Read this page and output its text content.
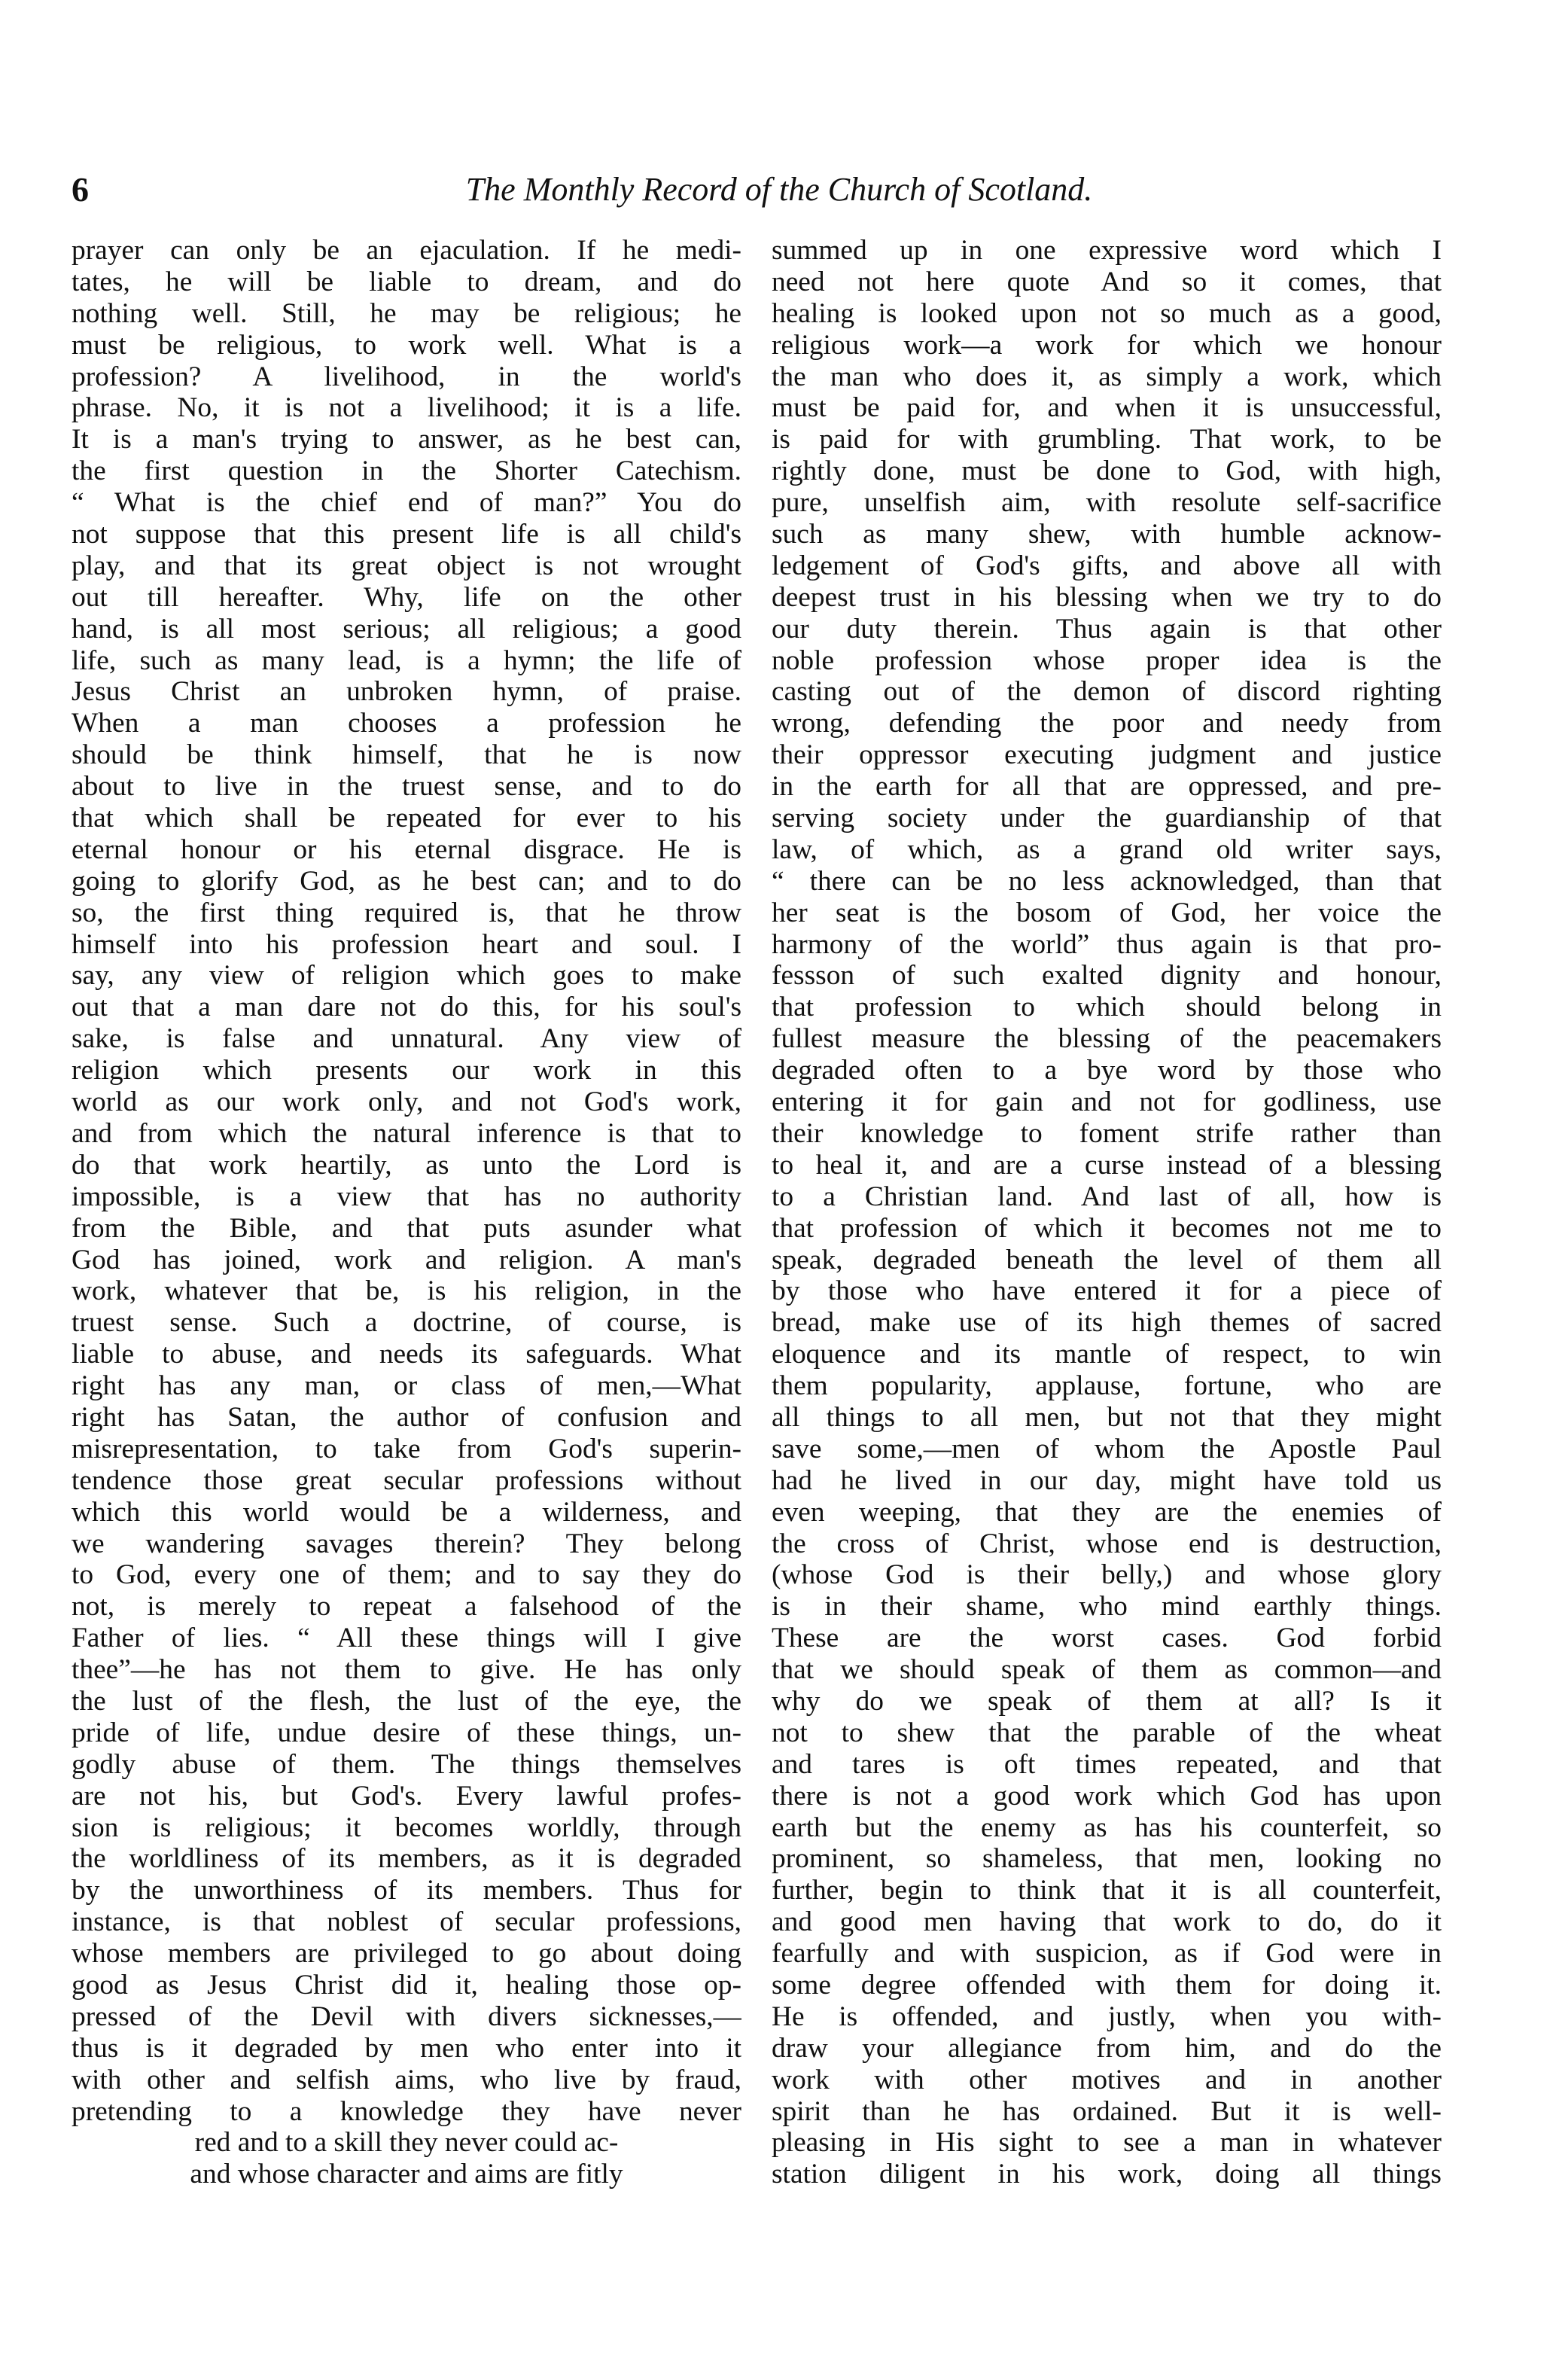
6	The Monthly Record of the Church of Scotland.
prayer can only be an ejaculation. If he medi-
tates, he will be liable to dream, and do
nothing well. Still, he may be religious; he
must be religious, to work well. What is a
profession? A livelihood, in the world's
phrase. No, it is not a livelihood; it is a life.
It is a man's trying to answer, as he best can,
the first question in the Shorter Catechism.
“ What is the chief end of man?” You do
not suppose that this present life is all child's
play, and that its great object is not wrought
out till hereafter. Why, life on the other
hand, is all most serious; all religious; a good
life, such as many lead, is a hymn; the life of
Jesus Christ an unbroken hymn, of praise.
When a man chooses a profession he
should be think himself, that he is now
about to live in the truest sense, and to do
that which shall be repeated for ever to his
eternal honour or his eternal disgrace. He is
going to glorify God, as he best can; and to do
so, the first thing required is, that he throw
himself into his profession heart and soul. I
say, any view of religion which goes to make
out that a man dare not do this, for his soul's
sake, is false and unnatural. Any view of
religion which presents our work in this
world as our work only, and not God's work,
and from which the natural inference is that to
do that work heartily, as unto the Lord is
impossible, is a view that has no authority
from the Bible, and that puts asunder what
God has joined, work and religion. A man's
work, whatever that be, is his religion, in the
truest sense. Such a doctrine, of course, is
liable to abuse, and needs its safeguards. What
right has any man, or class of men,—What
right has Satan, the author of confusion and
misrepresentation, to take from God's superin-
tendence those great secular professions without
which this world would be a wilderness, and
we wandering savages therein? They belong
to God, every one of them; and to say they do
not, is merely to repeat a falsehood of the
Father of lies. “ All these things will I give
thee”—he has not them to give. He has only
the lust of the flesh, the lust of the eye, the
pride of life, undue desire of these things, un-
godly abuse of them. The things themselves
are not his, but God's. Every lawful profes-
sion is religious; it becomes worldly, through
the worldliness of its members, as it is degraded
by the unworthiness of its members. Thus for
instance, is that noblest of secular professions,
whose members are privileged to go about doing
good as Jesus Christ did it, healing those op-
pressed of the Devil with divers sicknesses,—
thus is it degraded by men who enter into it
with other and selfish aims, who live by fraud,
pretending to a knowledge they have never
red and to a skill they never could ac-
and whose character and aims are fitly
summed up in one expressive word which I
need not here quote And so it comes, that
healing is looked upon not so much as a good,
religious work—a work for which we honour
the man who does it, as simply a work, which
must be paid for, and when it is unsuccessful,
is paid for with grumbling. That work, to be
rightly done, must be done to God, with high,
pure, unselfish aim, with resolute self-sacrifice
such as many shew, with humble acknow-
ledgement of God's gifts, and above all with
deepest trust in his blessing when we try to do
our duty therein. Thus again is that other
noble profession whose proper idea is the
casting out of the demon of discord righting
wrong, defending the poor and needy from
their oppressor executing judgment and justice
in the earth for all that are oppressed, and pre-
serving society under the guardianship of that
law, of which, as a grand old writer says,
“ there can be no less acknowledged, than that
her seat is the bosom of God, her voice the
harmony of the world” thus again is that pro-
fessson of such exalted dignity and honour,
that profession to which should belong in
fullest measure the blessing of the peacemakers
degraded often to a bye word by those who
entering it for gain and not for godliness, use
their knowledge to foment strife rather than
to heal it, and are a curse instead of a blessing
to a Christian land. And last of all, how is
that profession of which it becomes not me to
speak, degraded beneath the level of them all
by those who have entered it for a piece of
bread, make use of its high themes of sacred
eloquence and its mantle of respect, to win
them popularity, applause, fortune, who are
all things to all men, but not that they might
save some,—men of whom the Apostle Paul
had he lived in our day, might have told us
even weeping, that they are the enemies of
the cross of Christ, whose end is destruction,
(whose God is their belly,) and whose glory
is in their shame, who mind earthly things.
These are the worst cases. God forbid
that we should speak of them as common—and
why do we speak of them at all? Is it
not to shew that the parable of the wheat
and tares is oft times repeated, and that
there is not a good work which God has upon
earth but the enemy as has his counterfeit, so
prominent, so shameless, that men, looking no
further, begin to think that it is all counterfeit,
and good men having that work to do, do it
fearfully and with suspicion, as if God were in
some degree offended with them for doing it.
He is offended, and justly, when you with-
draw your allegiance from him, and do the
work with other motives and in another
spirit than he has ordained. But it is well-
pleasing in His sight to see a man in whatever
station diligent in his work, doing all things
